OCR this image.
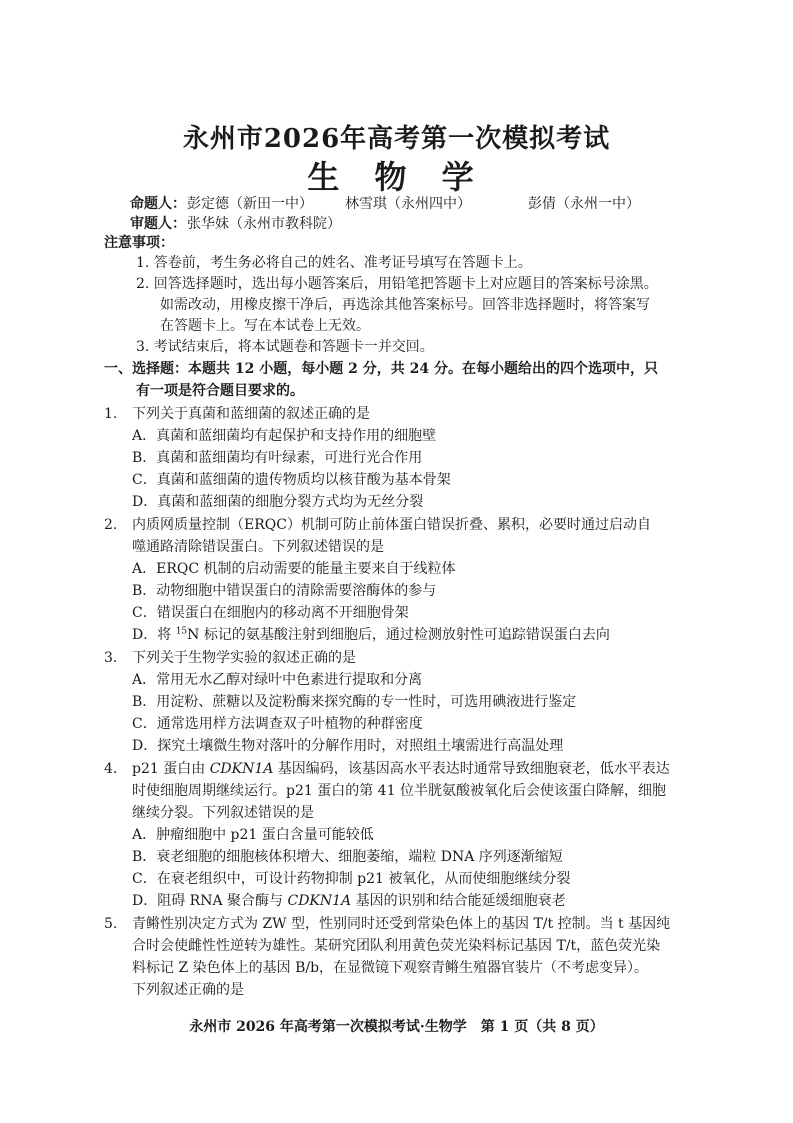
永州市2026年高考第一次模拟考试
生 物 学
命题人： 彭定德（新田一中） 林雪琪（永州四中）	彭倩（永州一中）
审题人： 张华妹（永州市教科院）
注意事项：
1. 答卷前，考生务必将自己的姓名、准考证号填写在答题卡上。
2. 回答选择题时，选出每小题答案后，用铅笔把答题卡上对应题目的答案标号涂黑。
如需改动，用橡皮擦干净后，再选涂其他答案标号。回答非选择题时，将答案写
在答题卡上。写在本试卷上无效。
3. 考试结束后，将本试题卷和答题卡一并交回。
一、选择题：本题共 12 小题，每小题 2 分，共 24 分。在每小题给出的四个选项中，只
有一项是符合题目要求的。
1. 下列关于真菌和蓝细菌的叙述正确的是
A．真菌和蓝细菌均有起保护和支持作用的细胞壁
B．真菌和蓝细菌均有叶绿素，可进行光合作用
C．真菌和蓝细菌的遗传物质均以核苷酸为基本骨架
D．真菌和蓝细菌的细胞分裂方式均为无丝分裂
2. 内质网质量控制（ERQC）机制可防止前体蛋白错误折叠、累积，必要时通过启动自
噬通路清除错误蛋白。下列叙述错误的是
A．ERQC 机制的启动需要的能量主要来自于线粒体
B．动物细胞中错误蛋白的清除需要溶酶体的参与
C．错误蛋白在细胞内的移动离不开细胞骨架
D．将 $^{15}$N 标记的氨基酸注射到细胞后，通过检测放射性可追踪错误蛋白去向
3. 下列关于生物学实验的叙述正确的是
A．常用无水乙醇对绿叶中色素进行提取和分离
B．用淀粉、蔗糖以及淀粉酶来探究酶的专一性时，可选用碘液进行鉴定
C．通常选用样方法调查双子叶植物的种群密度
D．探究土壤微生物对落叶的分解作用时，对照组土壤需进行高温处理
4. p21 蛋白由 CDKN1A 基因编码，该基因高水平表达时通常导致细胞衰老，低水平表达
时使细胞周期继续运行。p21 蛋白的第 41 位半胱氨酸被氧化后会使该蛋白降解，细胞
继续分裂。下列叙述错误的是
A．肿瘤细胞中 p21 蛋白含量可能较低
B．衰老细胞的细胞核体积增大、细胞萎缩，端粒 DNA 序列逐渐缩短
C．在衰老组织中，可设计药物抑制 p21 被氧化，从而使细胞继续分裂
D．阻碍 RNA 聚合酶与 CDKN1A 基因的识别和结合能延缓细胞衰老
5. 青鳉性别决定方式为 ZW 型，性别同时还受到常染色体上的基因 T/t 控制。当 t 基因纯
合时会使雌性性逆转为雄性。某研究团队利用黄色荧光染料标记基因 T/t，蓝色荧光染
料标记 Z 染色体上的基因 B/b，在显微镜下观察青鳉生殖器官装片（不考虑变异）。
下列叙述正确的是
永州市 2026 年高考第一次模拟考试·生物学　第 1 页（共 8 页）
